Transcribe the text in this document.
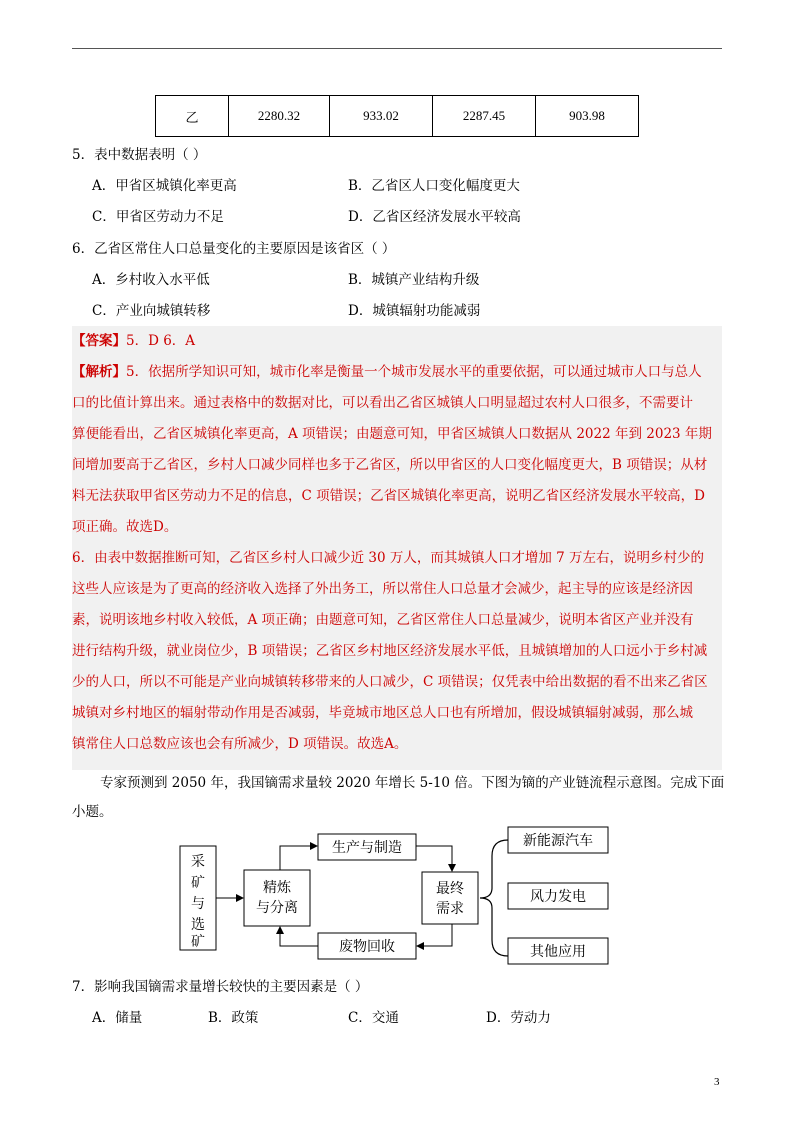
乙	2280.32	933.02	2287.45	903.98
5．表中数据表明（ ）
A．甲省区城镇化率更高	B．乙省区人口变化幅度更大
C．甲省区劳动力不足	D．乙省区经济发展水平较高
6．乙省区常住人口总量变化的主要原因是该省区（ ）
A．乡村收入水平低	B．城镇产业结构升级
C．产业向城镇转移	D．城镇辐射功能减弱
【答案】5．D 6．A
【解析】5．依据所学知识可知，城市化率是衡量一个城市发展水平的重要依据，可以通过城市人口与总人
口的比值计算出来。通过表格中的数据对比，可以看出乙省区城镇人口明显超过农村人口很多，不需要计
算便能看出，乙省区城镇化率更高，A 项错误；由题意可知，甲省区城镇人口数据从 2022 年到 2023 年期
间增加要高于乙省区，乡村人口减少同样也多于乙省区，所以甲省区的人口变化幅度更大，B 项错误；从材
料无法获取甲省区劳动力不足的信息，C 项错误；乙省区城镇化率更高，说明乙省区经济发展水平较高，D
项正确。故选D。
6．由表中数据推断可知，乙省区乡村人口减少近 30 万人，而其城镇人口才增加 7 万左右，说明乡村少的
这些人应该是为了更高的经济收入选择了外出务工，所以常住人口总量才会减少，起主导的应该是经济因
素，说明该地乡村收入较低，A 项正确；由题意可知，乙省区常住人口总量减少，说明本省区产业并没有
进行结构升级，就业岗位少，B 项错误；乙省区乡村地区经济发展水平低，且城镇增加的人口远小于乡村减
少的人口，所以不可能是产业向城镇转移带来的人口减少，C 项错误；仅凭表中给出数据的看不出来乙省区
城镇对乡村地区的辐射带动作用是否减弱，毕竟城市地区总人口也有所增加，假设城镇辐射减弱，那么城
镇常住人口总数应该也会有所减少，D 项错误。故选A。
专家预测到 2050 年，我国镝需求量较 2020 年增长 5-10 倍。下图为镝的产业链流程示意图。完成下面
小题。
采
矿
与
选
矿
精炼
与分离
生产与制造
最终
需求
废物回收
新能源汽车
风力发电
其他应用
7．影响我国镝需求量增长较快的主要因素是（ ）
A．储量	B．政策	C．交通	D．劳动力
3
